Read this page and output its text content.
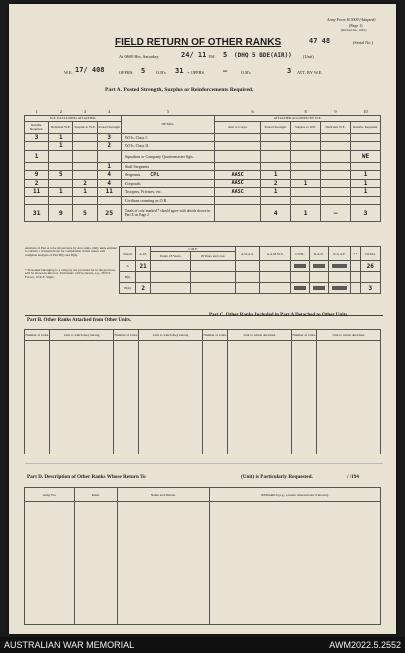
Army Form W.3009 (Adapted)
(Page 1)
(Revised Jan., 1943.)
FIELD RETURN OF OTHER RANKS	47 48	(Serial No.)
At 0600 Hrs. Saturday	24/ 11 194 5 (DHQ 5 BDE(AIR))	(Unit)
W.E. 17/ 408	OFFRS. 5 O.R's 31 + OFFRS.	–	O.R's	3 ATT. BY W.E.
Part A. Posted Strength, Surplus or Reinforcements Required.
1	2	3	4	5	6		8	9	10
W.E. EXCLUDING ATTACHED.				DETAIL.	ATTACHED ALLOWED BY W.E.				
Reinfts. Required.	Deficient W.E.	Surplus to W.E.	Posted Strength		Arm or Corps.	Posted Strength.	Surplus to W.E.	Deficient W.E.	Reinfts. Required.
3	1		3	W.Os. Class I.					
	1		2	W.Os. Class II.					
1				Squadron or Company Quartermaster Sgts.					WE
			1	Staff Sergeants					
9	5		4	Sergeants CPL	AASC	1			1
2		2	4	Corporals	AASC	2	1		1
11	1	1	11	Troopers, Privates, etc.	AASC	1			1
				Civilians counting as O.R.					
31	9	5	25	Totals of cols. marked * should agree with details shown in Part E on Page 2		4	1	–	3
Analysis of Part A to be shown here by ALL units. Only units entitled to curtain 1 of instructions for compilation of this return will complete analysis of Part B(i) and B(ii).
* Personnel belonging to a category not provided for in the previous will be shown in this Col. Particulars will be shown, e.g., 28 N.S. Forces, 10 R.E. Signs.
Detail	A.I.F.	C.M.F.		A.W.A.S.	A.A.M.W.S.	CIVIL.	R.A.N.	R.A.A.F.	* *	TOTAL
		Under 18 Years.	18 Years and over.							
A	21									26
B(i)										
B(ii)	2									3
Part B. Other Ranks Attached from Other Units.
Part C. Other Ranks Included in Part A Detached to Other Units.
Number of O.Rs.	Unit to which they belong	Number of O.Rs.	Unit to which they belong	Number of O.Rs.	Unit to which detached.	Number of O.Rs.	Unit to which detached.

Part D. Description of Other Ranks Whose Return To	(Unit) is Particularly Requested.	/ /194
Army No.	Rank.	Name and Initials.	REMARKS (e.g., present whereabouts if known).

AUSTRALIAN WAR MEMORIAL	AWM2022.5.2552
